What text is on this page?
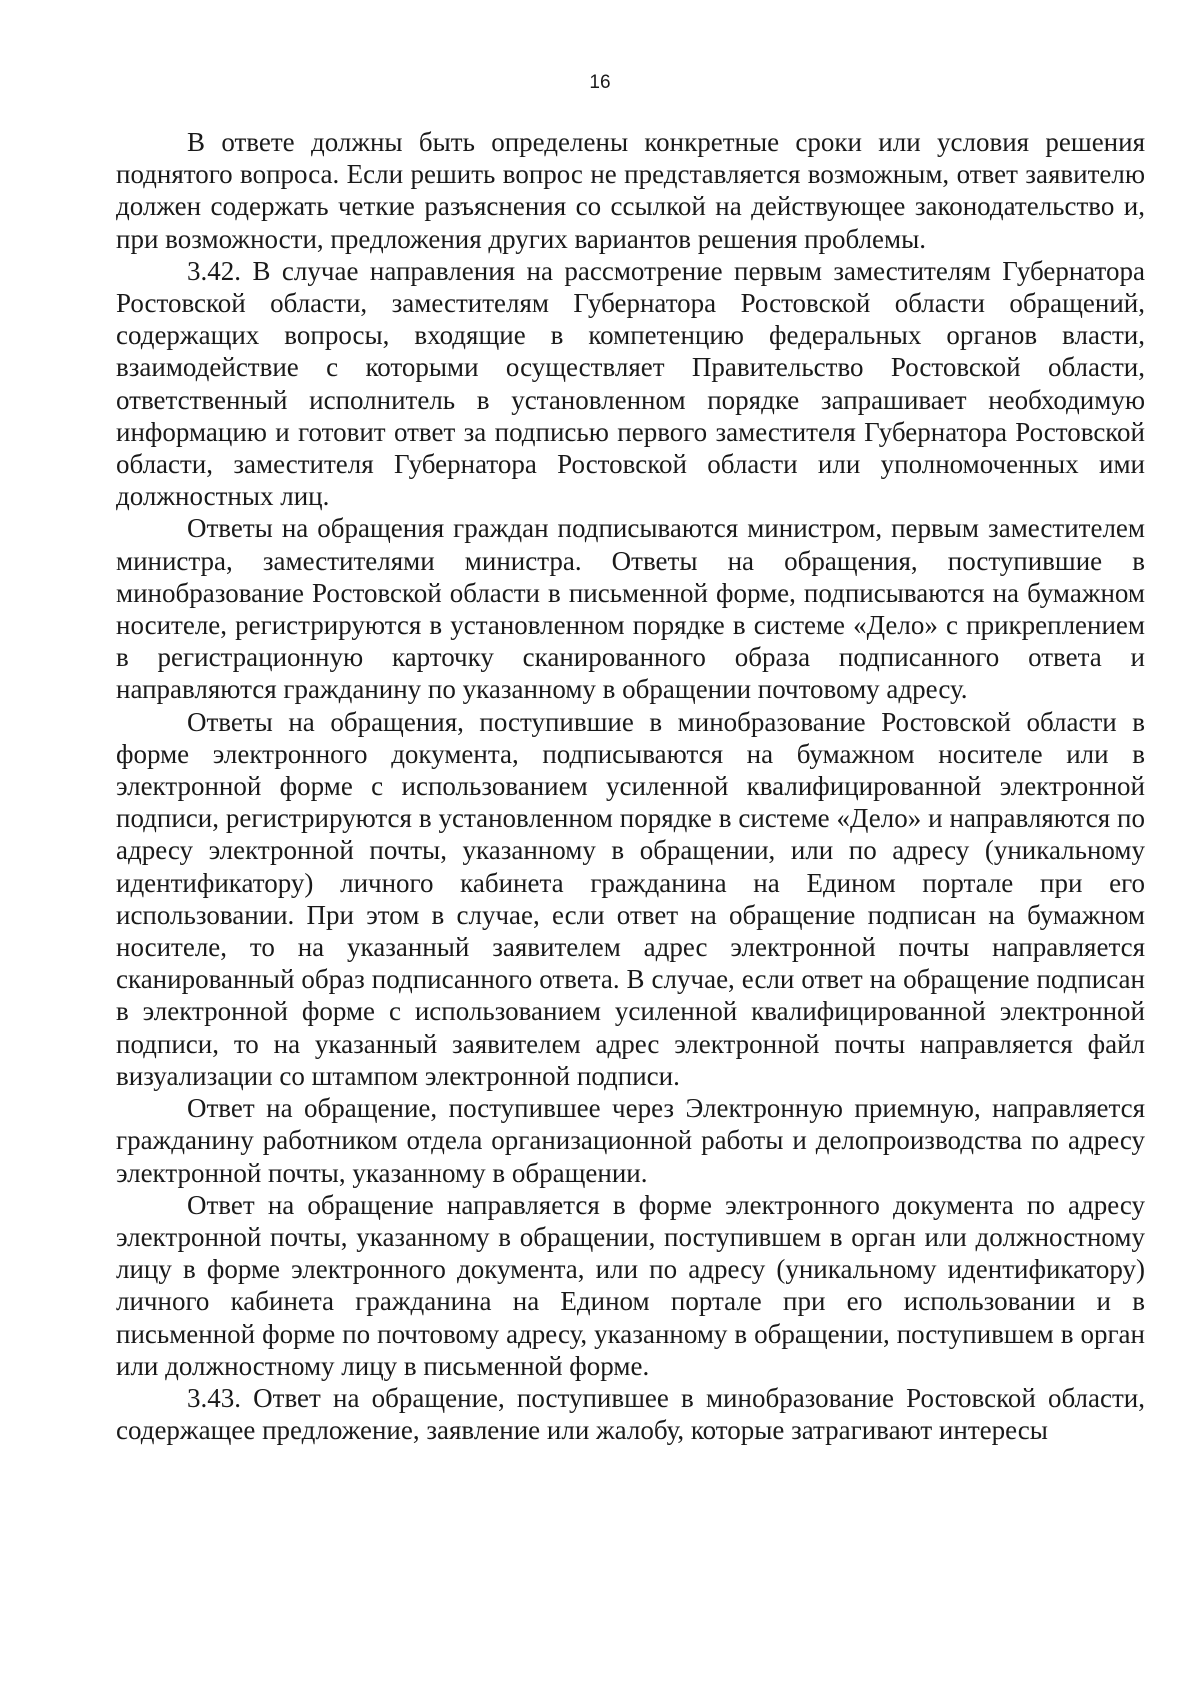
16

В ответе должны быть определены конкретные сроки или условия решения поднятого вопроса. Если решить вопрос не представляется возможным, ответ заявителю должен содержать четкие разъяснения со ссылкой на действующее законодательство и, при возможности, предложения других вариантов решения проблемы.

3.42. В случае направления на рассмотрение первым заместителям Губернатора Ростовской области, заместителям Губернатора Ростовской области обращений, содержащих вопросы, входящие в компетенцию федеральных органов власти, взаимодействие с которыми осуществляет Правительство Ростовской области, ответственный исполнитель в установленном порядке запрашивает необходимую информацию и готовит ответ за подписью первого заместителя Губернатора Ростовской области, заместителя Губернатора Ростовской области или уполномоченных ими должностных лиц.

Ответы на обращения граждан подписываются министром, первым заместителем министра, заместителями министра. Ответы на обращения, поступившие в минобразование Ростовской области в письменной форме, подписываются на бумажном носителе, регистрируются в установленном порядке в системе «Дело» с прикреплением в регистрационную карточку сканированного образа подписанного ответа и направляются гражданину по указанному в обращении почтовому адресу.

Ответы на обращения, поступившие в минобразование Ростовской области в форме электронного документа, подписываются на бумажном носителе или в электронной форме с использованием усиленной квалифицированной электронной подписи, регистрируются в установленном порядке в системе «Дело» и направляются по адресу электронной почты, указанному в обращении, или по адресу (уникальному идентификатору) личного кабинета гражданина на Едином портале при его использовании. При этом в случае, если ответ на обращение подписан на бумажном носителе, то на указанный заявителем адрес электронной почты направляется сканированный образ подписанного ответа. В случае, если ответ на обращение подписан в электронной форме с использованием усиленной квалифицированной электронной подписи, то на указанный заявителем адрес электронной почты направляется файл визуализации со штампом электронной подписи.

Ответ на обращение, поступившее через Электронную приемную, направляется гражданину работником отдела организационной работы и делопроизводства по адресу электронной почты, указанному в обращении.

Ответ на обращение направляется в форме электронного документа по адресу электронной почты, указанному в обращении, поступившем в орган или должностному лицу в форме электронного документа, или по адресу (уникальному идентификатору) личного кабинета гражданина на Едином портале при его использовании и в письменной форме по почтовому адресу, указанному в обращении, поступившем в орган или должностному лицу в письменной форме.

3.43. Ответ на обращение, поступившее в минобразование Ростовской области, содержащее предложение, заявление или жалобу, которые затрагивают интересы
